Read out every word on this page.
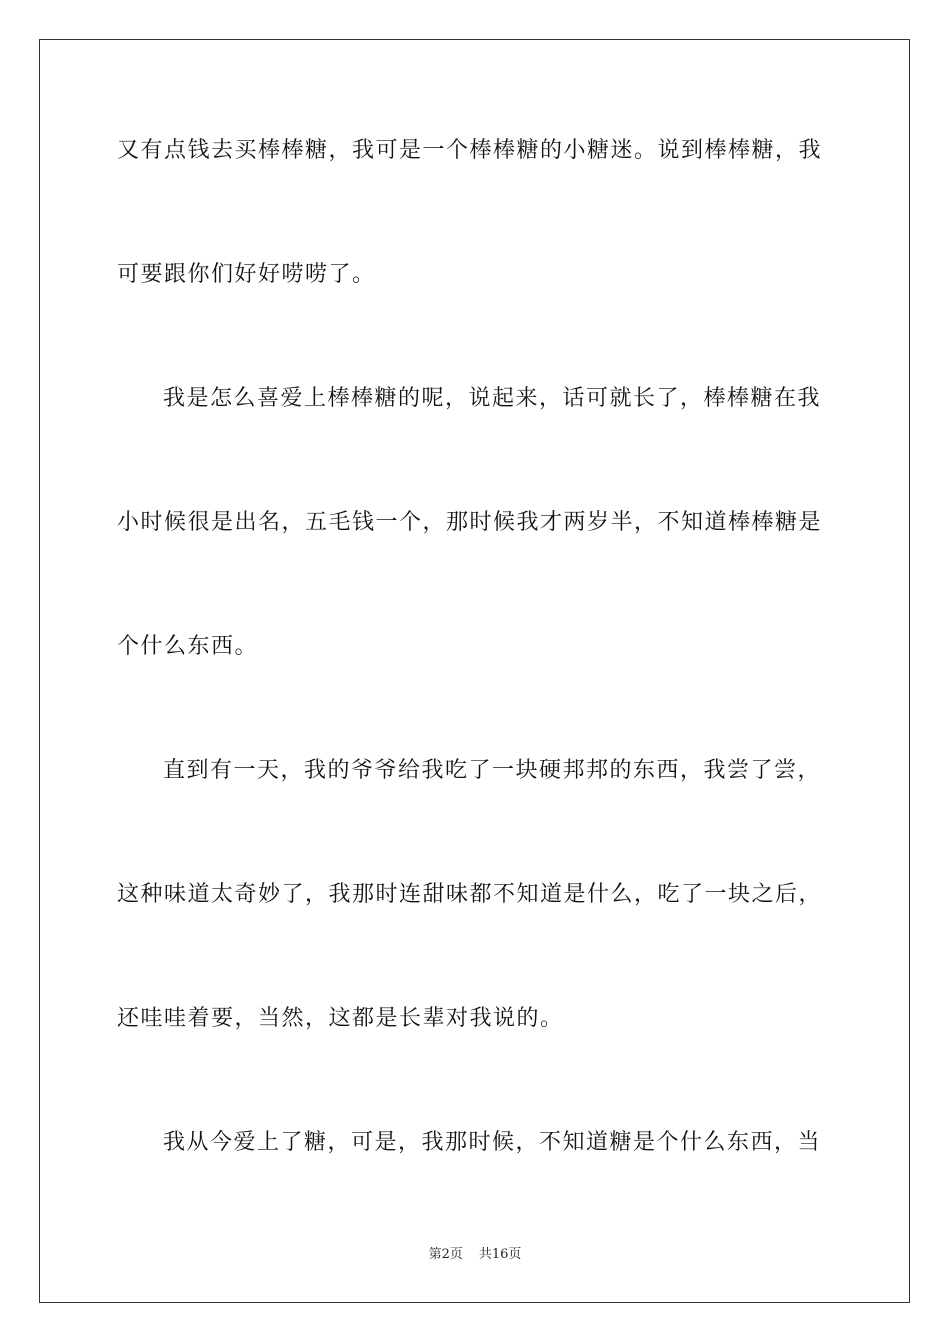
又有点钱去买棒棒糖，我可是一个棒棒糖的小糖迷。说到棒棒糖，我
可要跟你们好好唠唠了。
我是怎么喜爱上棒棒糖的呢，说起来，话可就长了，棒棒糖在我
小时候很是出名，五毛钱一个，那时候我才两岁半，不知道棒棒糖是
个什么东西。
直到有一天，我的爷爷给我吃了一块硬邦邦的东西，我尝了尝，
这种味道太奇妙了，我那时连甜味都不知道是什么，吃了一块之后，
还哇哇着要，当然，这都是长辈对我说的。
我从今爱上了糖，可是，我那时候，不知道糖是个什么东西，当
第2页 共16页
